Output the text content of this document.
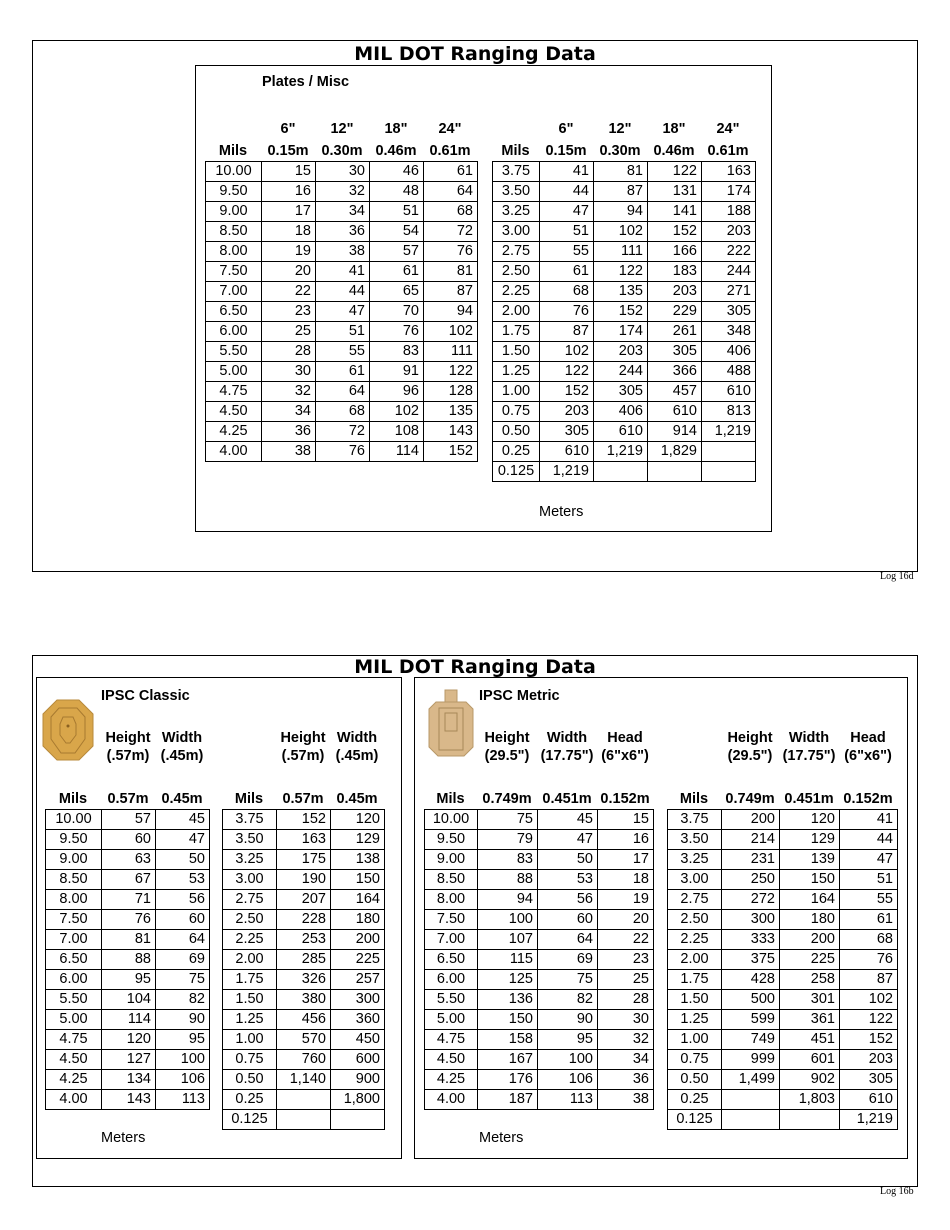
MIL DOT Ranging Data
Plates / Misc
6"	12"	18"	24"
Mils	0.15m 0.30m 0.46m 0.61m
6"	12"	18"	24"
Mils	0.15m 0.30m 0.46m 0.61m
10.00	15	30	46	61
9.50	16	32	48	64
9.00	17	34	51	68
8.50	18	36	54	72
8.00	19	38	57	76
7.50	20	41	61	81
7.00	22	44	65	87
6.50	23	47	70	94
6.00	25	51	76	102
5.50	28	55	83	111
5.00	30	61	91	122
4.75	32	64	96	128
4.50	34	68	102	135
4.25	36	72	108	143
4.00	38	76	114	152
3.75	41	81	122	163
3.50	44	87	131	174
3.25	47	94	141	188
3.00	51	102	152	203
2.75	55	111	166	222
2.50	61	122	183	244
2.25	68	135	203	271
2.00	76	152	229	305
1.75	87	174	261	348
1.50	102	203	305	406
1.25	122	244	366	488
1.00	152	305	457	610
0.75	203	406	610	813
0.50	305	610	914	1,219
0.25	610	1,219	1,829	
0.125	1,219			
Meters
Log 16d
MIL DOT Ranging Data
IPSC Classic
Height
(.57m)
Width
(.45m)
Height
(.57m)
Width
(.45m)
Mils	0.57m 0.45m	Mils	0.57m 0.45m
10.00	57	45
9.50	60	47
9.00	63	50
8.50	67	53
8.00	71	56
7.50	76	60
7.00	81	64
6.50	88	69
6.00	95	75
5.50	104	82
5.00	114	90
4.75	120	95
4.50	127	100
4.25	134	106
4.00	143	113
3.75	152	120
3.50	163	129
3.25	175	138
3.00	190	150
2.75	207	164
2.50	228	180
2.25	253	200
2.00	285	225
1.75	326	257
1.50	380	300
1.25	456	360
1.00	570	450
0.75	760	600
0.50	1,140	900
0.25		1,800
0.125		
Meters
IPSC Metric
Height
(29.5")
Width
(17.75")
Head
(6"x6")
Height
(29.5")
Width
(17.75")
Head
(6"x6")
Mils	0.749m 0.451m 0.152m	Mils	0.749m 0.451m 0.152m
10.00	75	45	15
9.50	79	47	16
9.00	83	50	17
8.50	88	53	18
8.00	94	56	19
7.50	100	60	20
7.00	107	64	22
6.50	115	69	23
6.00	125	75	25
5.50	136	82	28
5.00	150	90	30
4.75	158	95	32
4.50	167	100	34
4.25	176	106	36
4.00	187	113	38
3.75	200	120	41
3.50	214	129	44
3.25	231	139	47
3.00	250	150	51
2.75	272	164	55
2.50	300	180	61
2.25	333	200	68
2.00	375	225	76
1.75	428	258	87
1.50	500	301	102
1.25	599	361	122
1.00	749	451	152
0.75	999	601	203
0.50	1,499	902	305
0.25		1,803	610
0.125			1,219
Meters
Log 16b
